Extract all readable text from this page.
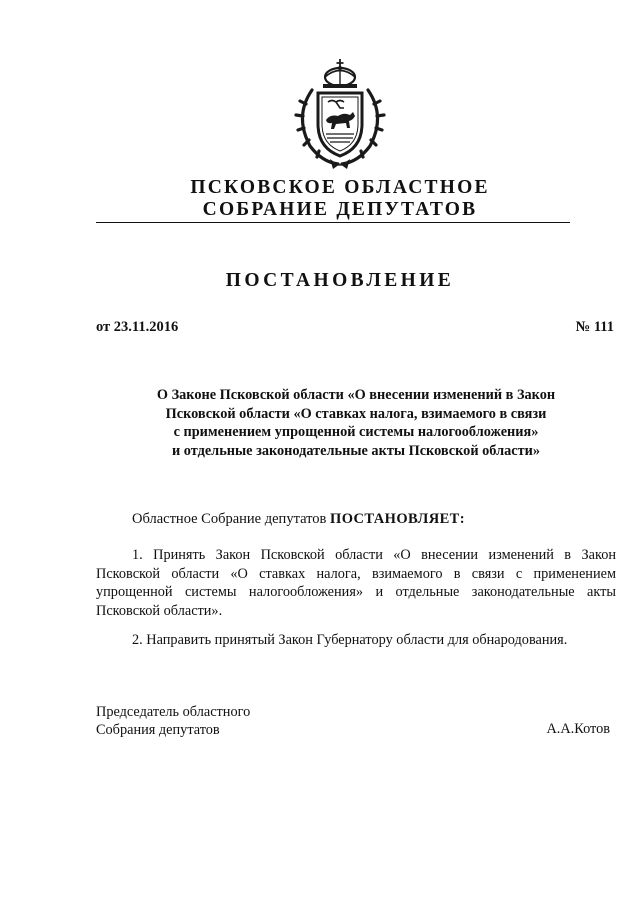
ПСКОВСКОЕ ОБЛАСТНОЕ
СОБРАНИЕ ДЕПУТАТОВ
ПОСТАНОВЛЕНИЕ
от 23.11.2016	№ 111

О Законе Псковской области «О внесении изменений в Закон
Псковской области «О ставках налога, взимаемого в связи
с применением упрощенной системы налогообложения»
и отдельные законодательные акты Псковской области»

Областное Собрание депутатов ПОСТАНОВЛЯЕТ:

1. Принять Закон Псковской области «О внесении изменений в Закон Псковской области «О ставках налога, взимаемого в связи с применением упрощенной системы налогообложения» и отдельные законодательные акты Псковской области».

2. Направить принятый Закон Губернатору области для обнародования.

Председатель областного
Собрания депутатов	А.А.Котов
